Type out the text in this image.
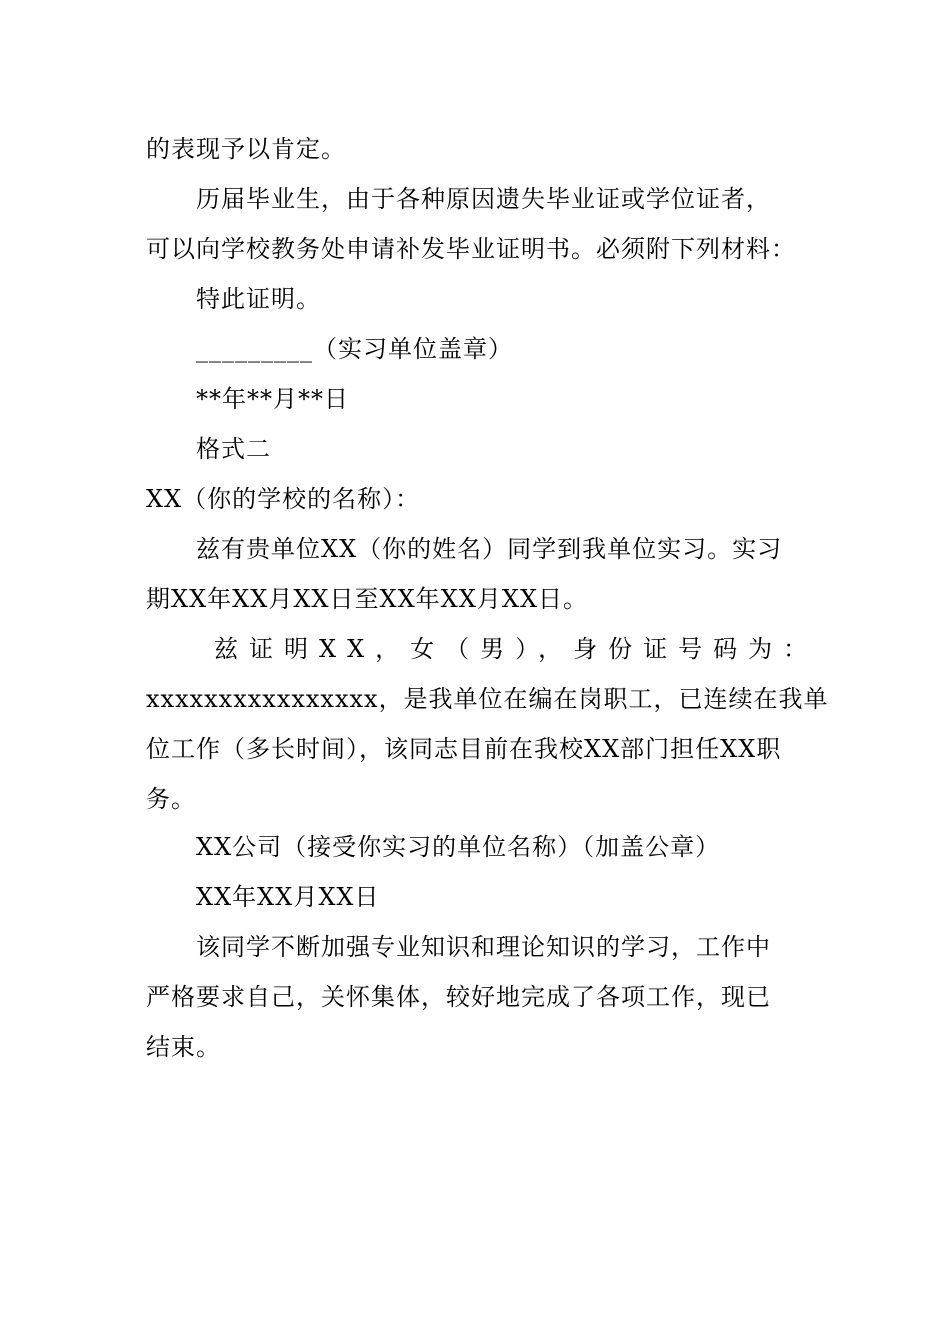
的表现予以肯定。
历届毕业生，由于各种原因遗失毕业证或学位证者，
可以向学校教务处申请补发毕业证明书。必须附下列材料：
特此证明。
_________（实习单位盖章）
**年**月**日
格式二
XX（你的学校的名称）：
兹有贵单位XX（你的姓名）同学到我单位实习。实习
期XX年XX月XX日至XX年XX月XX日。
兹证明XX，女（男），身份证号码为：
xxxxxxxxxxxxxxxx，是我单位在编在岗职工，已连续在我单
位工作（多长时间），该同志目前在我校XX部门担任XX职
务。
XX公司（接受你实习的单位名称）（加盖公章）
XX年XX月XX日
该同学不断加强专业知识和理论知识的学习，工作中
严格要求自己，关怀集体，较好地完成了各项工作，现已
结束。
